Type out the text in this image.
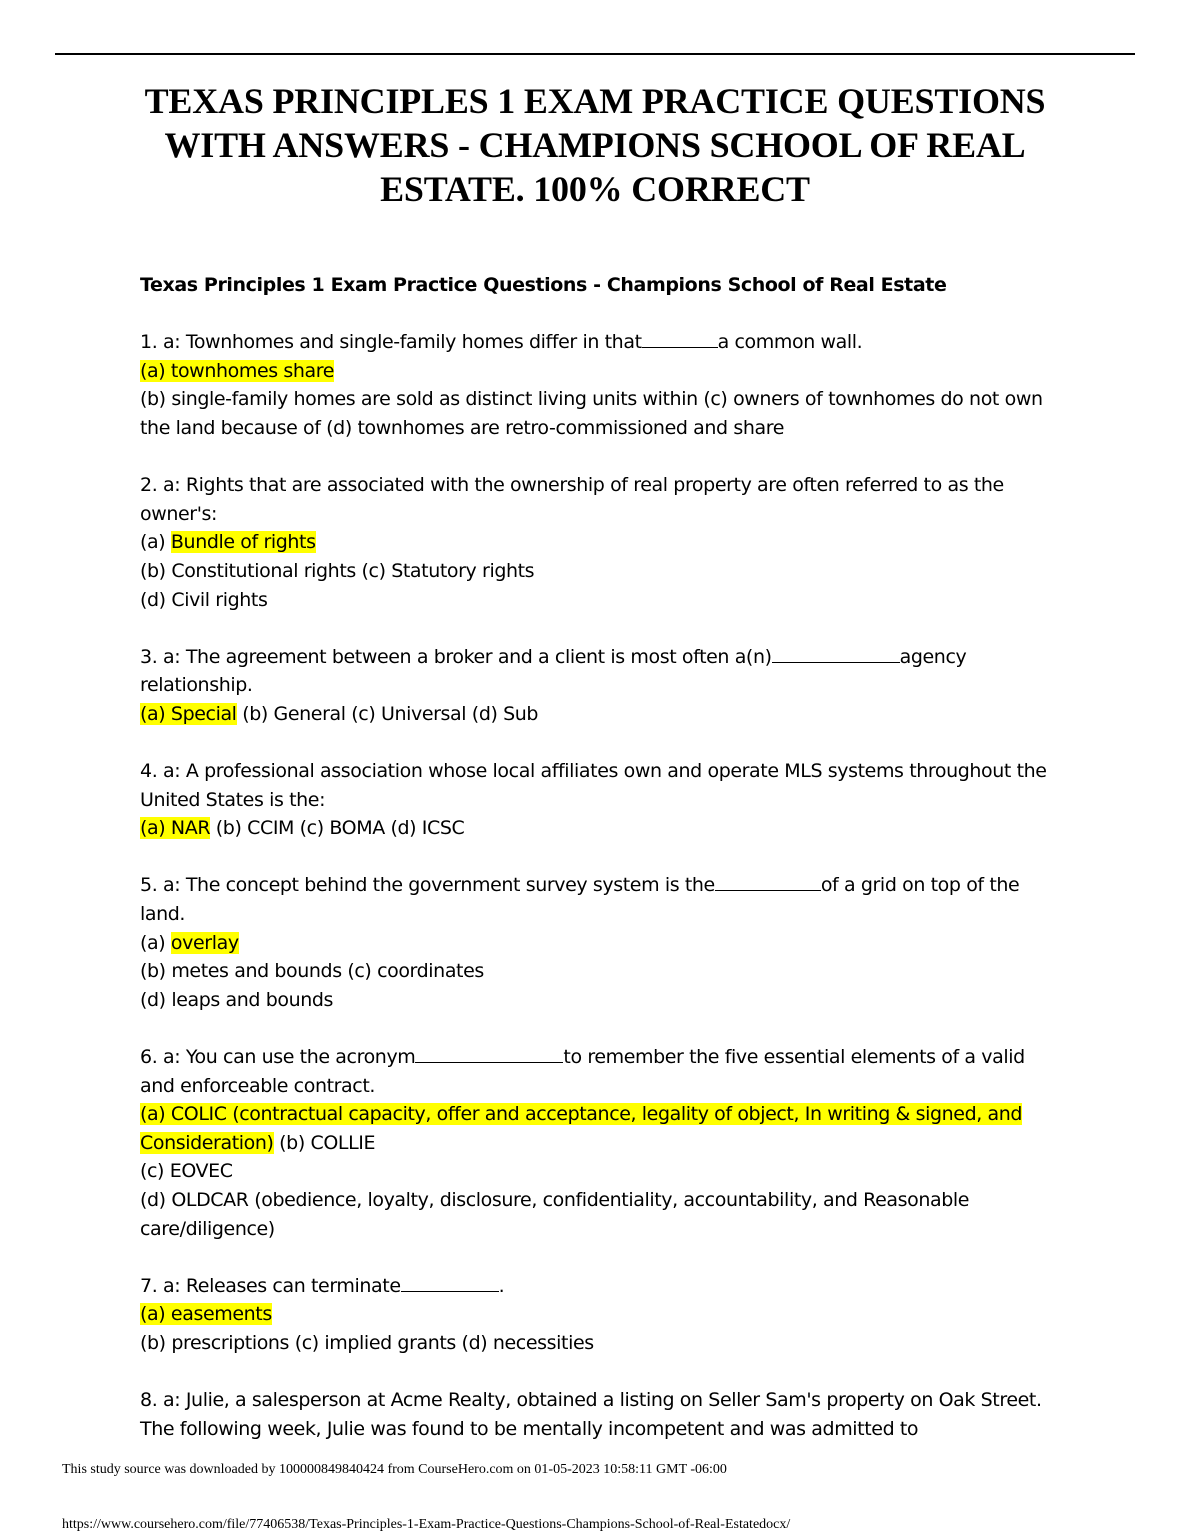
TEXAS PRINCIPLES 1 EXAM PRACTICE QUESTIONS WITH ANSWERS - CHAMPIONS SCHOOL OF REAL ESTATE. 100% CORRECT

Texas Principles 1 Exam Practice Questions - Champions School of Real Estate

1. a: Townhomes and single-family homes differ in that	a common wall.

(a) townhomes share

(b) single-family homes are sold as distinct living units within (c) owners of townhomes do not own the land because of (d) townhomes are retro-commissioned and share

2. a: Rights that are associated with the ownership of real property are often referred to as the owner's:

(a) Bundle of rights

(b) Constitutional rights (c) Statutory rights

(d) Civil rights

3. a: The agreement between a broker and a client is most often a(n)	agency relationship.

(a) Special (b) General (c) Universal (d) Sub

4. a: A professional association whose local affiliates own and operate MLS systems throughout the United States is the:

(a) NAR (b) CCIM (c) BOMA (d) ICSC

5. a: The concept behind the government survey system is the	of a grid on top of the land.

(a) overlay

(b) metes and bounds (c) coordinates

(d) leaps and bounds

6. a: You can use the acronym	to remember the five essential elements of a valid and enforceable contract.

(a) COLIC (contractual capacity, offer and acceptance, legality of object, In writing & signed, and Consideration) (b) COLLIE

(c) EOVEC

(d) OLDCAR (obedience, loyalty, disclosure, confidentiality, accountability, and Reasonable care/diligence)

7. a: Releases can terminate	.

(a) easements

(b) prescriptions (c) implied grants (d) necessities

8. a: Julie, a salesperson at Acme Realty, obtained a listing on Seller Sam's property on Oak Street. The following week, Julie was found to be mentally incompetent and was admitted to

This study source was downloaded by 100000849840424 from CourseHero.com on 01-05-2023 10:58:11 GMT -06:00
https://www.coursehero.com/file/77406538/Texas-Principles-1-Exam-Practice-Questions-Champions-School-of-Real-Estatedocx/
